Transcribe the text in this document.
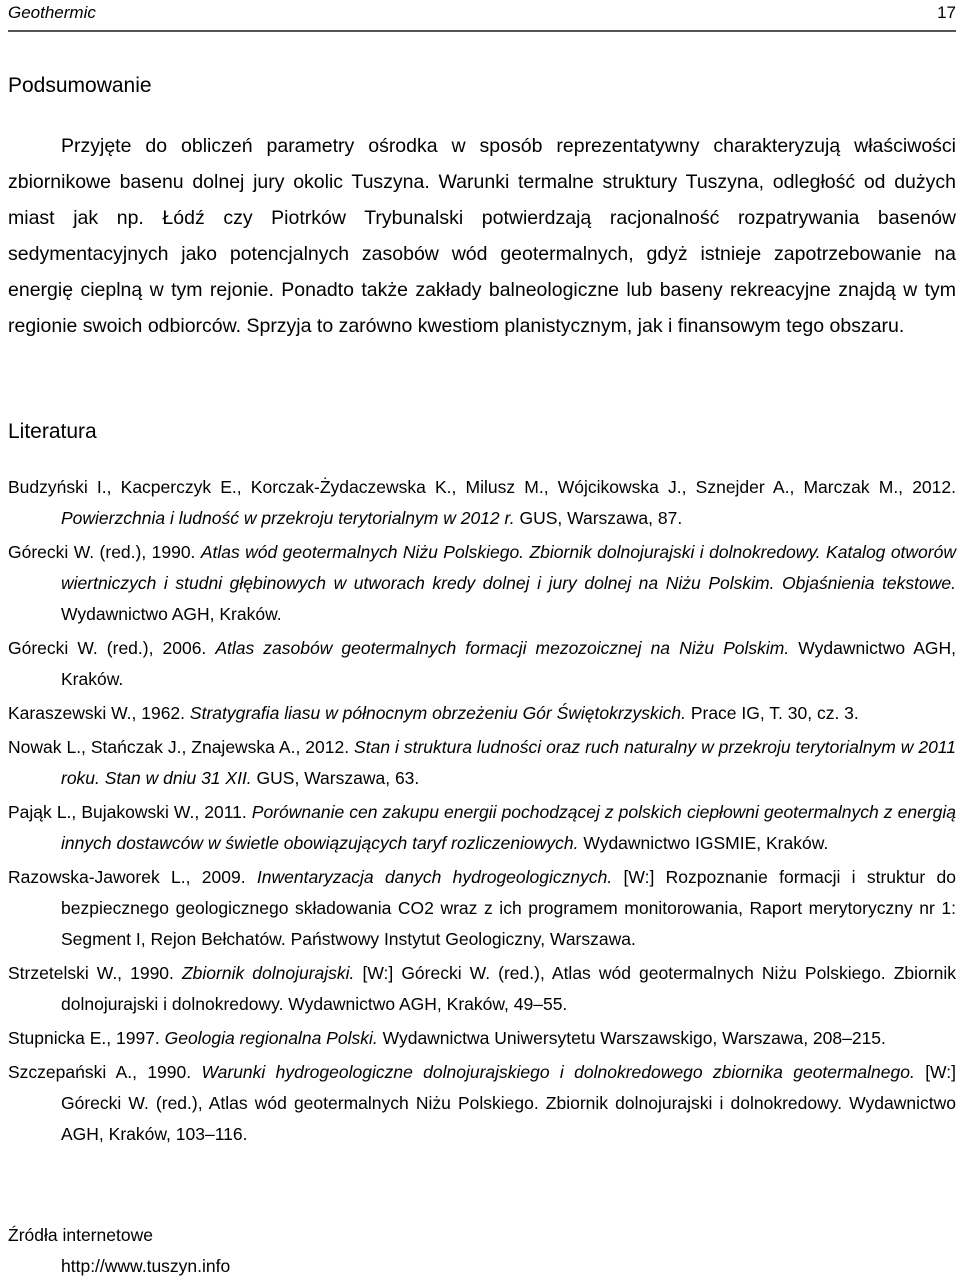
Geothermic	17
Podsumowanie

Przyjęte do obliczeń parametry ośrodka w sposób reprezentatywny charakteryzują właściwości zbiornikowe basenu dolnej jury okolic Tuszyna. Warunki termalne struktury Tuszyna, odległość od dużych miast jak np. Łódź czy Piotrków Trybunalski potwierdzają racjonalność rozpatrywania basenów sedymentacyjnych jako potencjalnych zasobów wód geotermalnych, gdyż istnieje zapotrzebowanie na energię cieplną w tym rejonie. Ponadto także zakłady balneologiczne lub baseny rekreacyjne znajdą w tym regionie swoich odbiorców. Sprzyja to zarówno kwestiom planistycznym, jak i finansowym tego obszaru.

Literatura
Budzyński I., Kacperczyk E., Korczak-Żydaczewska K., Milusz M., Wójcikowska J., Sznejder A., Marczak M., 2012. Powierzchnia i ludność w przekroju terytorialnym w 2012 r. GUS, Warszawa, 87.
Górecki W. (red.), 1990. Atlas wód geotermalnych Niżu Polskiego. Zbiornik dolnojurajski i dolnokredowy. Katalog otworów wiertniczych i studni głębinowych w utworach kredy dolnej i jury dolnej na Niżu Polskim. Objaśnienia tekstowe. Wydawnictwo AGH, Kraków.
Górecki W. (red.), 2006. Atlas zasobów geotermalnych formacji mezozoicznej na Niżu Polskim. Wydawnictwo AGH, Kraków.
Karaszewski W., 1962. Stratygrafia liasu w północnym obrzeżeniu Gór Świętokrzyskich. Prace IG, T. 30, cz. 3.
Nowak L., Stańczak J., Znajewska A., 2012. Stan i struktura ludności oraz ruch naturalny w przekroju terytorialnym w 2011 roku. Stan w dniu 31 XII. GUS, Warszawa, 63.
Pająk L., Bujakowski W., 2011. Porównanie cen zakupu energii pochodzącej z polskich ciepłowni geotermalnych z energią innych dostawców w świetle obowiązujących taryf rozliczeniowych. Wydawnictwo IGSMIE, Kraków.
Razowska-Jaworek L., 2009. Inwentaryzacja danych hydrogeologicznych. [W:] Rozpoznanie formacji i struktur do bezpiecznego geologicznego składowania CO2 wraz z ich programem monitorowania, Raport merytoryczny nr 1: Segment I, Rejon Bełchatów. Państwowy Instytut Geologiczny, Warszawa.
Strzetelski W., 1990. Zbiornik dolnojurajski. [W:] Górecki W. (red.), Atlas wód geotermalnych Niżu Polskiego. Zbiornik dolnojurajski i dolnokredowy. Wydawnictwo AGH, Kraków, 49–55.
Stupnicka E., 1997. Geologia regionalna Polski. Wydawnictwa Uniwersytetu Warszawskigo, Warszawa, 208–215.
Szczepański A., 1990. Warunki hydrogeologiczne dolnojurajskiego i dolnokredowego zbiornika geotermalnego. [W:] Górecki W. (red.), Atlas wód geotermalnych Niżu Polskiego. Zbiornik dolnojurajski i dolnokredowy. Wydawnictwo AGH, Kraków, 103–116.
Źródła internetowe
http://www.tuszyn.info
